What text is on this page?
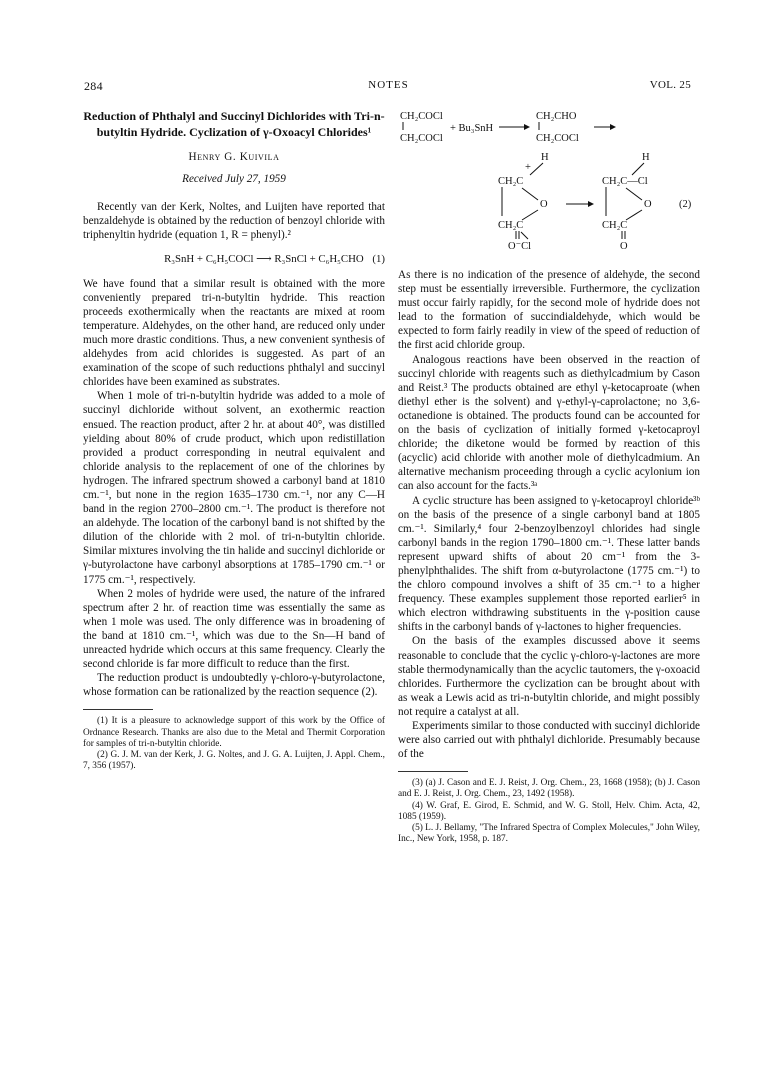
284	NOTES	VOL. 25
Reduction of Phthalyl and Succinyl Dichlorides with Tri-n-butyltin Hydride. Cyclization of γ-Oxoacyl Chlorides¹
Henry G. Kuivila
Received July 27, 1959

Recently van der Kerk, Noltes, and Luijten have reported that benzaldehyde is obtained by the reduction of benzoyl chloride with triphenyltin hydride (equation 1, R = phenyl).²

R₃SnH + C₆H₅COCl ⟶ R₃SnCl + C₆H₅CHO (1)

We have found that a similar result is obtained with the more conveniently prepared tri-n-butyltin hydride. This reaction proceeds exothermically when the reactants are mixed at room temperature. Aldehydes, on the other hand, are reduced only under much more drastic conditions. Thus, a new convenient synthesis of aldehydes from acid chlorides is suggested. As part of an examination of the scope of such reductions phthalyl and succinyl chlorides have been examined as substrates.

When 1 mole of tri-n-butyltin hydride was added to a mole of succinyl dichloride without solvent, an exothermic reaction ensued. The reaction product, after 2 hr. at about 40°, was distilled yielding about 80% of crude product, which upon redistillation provided a product corresponding in neutral equivalent and chloride analysis to the replacement of one of the chlorines by hydrogen. The infrared spectrum showed a carbonyl band at 1810 cm.⁻¹, but none in the region 1635–1730 cm.⁻¹, nor any C—H band in the region 2700–2800 cm.⁻¹. The product is therefore not an aldehyde. The location of the carbonyl band is not shifted by the dilution of the chloride with 2 mol. of tri-n-butyltin chloride. Similar mixtures involving the tin halide and succinyl dichloride or γ-butyrolactone have carbonyl absorptions at 1785–1790 cm.⁻¹ or 1775 cm.⁻¹, respectively.

When 2 moles of hydride were used, the nature of the infrared spectrum after 2 hr. of reaction time was essentially the same as when 1 mole was used. The only difference was in broadening of the band at 1810 cm.⁻¹, which was due to the Sn—H band of unreacted hydride which occurs at this same frequency. Clearly the second chloride is far more difficult to reduce than the first.

The reduction product is undoubtedly γ-chloro-γ-butyrolactone, whose formation can be rationalized by the reaction sequence (2).

(1) It is a pleasure to acknowledge support of this work by the Office of Ordnance Research. Thanks are also due to the Metal and Thermit Corporation for samples of tri-n-butyltin chloride.

(2) G. J. M. van der Kerk, J. G. Noltes, and J. G. A. Luijten, J. Appl. Chem., 7, 356 (1957).

CH₂COCl
CH₂COCl
+ Bu₃SnH
CH₂CHO
CH₂COCl
H
+
CH₂C
O
CH₂C
O⁻Cl
H
CH₂C—Cl
O
CH₂C
O
(2)

As there is no indication of the presence of aldehyde, the second step must be essentially irreversible. Furthermore, the cyclization must occur fairly rapidly, for the second mole of hydride does not lead to the formation of succindialdehyde, which would be expected to form fairly readily in view of the speed of reduction of the first acid chloride group.

Analogous reactions have been observed in the reaction of succinyl chloride with reagents such as diethylcadmium by Cason and Reist.³ The products obtained are ethyl γ-ketocaproate (when diethyl ether is the solvent) and γ-ethyl-γ-caprolactone; no 3,6-octanedione is obtained. The products found can be accounted for on the basis of cyclization of initially formed γ-ketocaproyl chloride; the diketone would be formed by reaction of this (acyclic) acid chloride with another mole of diethylcadmium. An alternative mechanism proceeding through a cyclic acylonium ion can also account for the facts.³ᵃ

A cyclic structure has been assigned to γ-ketocaproyl chloride³ᵇ on the basis of the presence of a single carbonyl band at 1805 cm.⁻¹. Similarly,⁴ four 2-benzoylbenzoyl chlorides had single carbonyl bands in the region 1790–1800 cm.⁻¹. These latter bands represent upward shifts of about 20 cm⁻¹ from the 3-phenylphthalides. The shift from α-butyrolactone (1775 cm.⁻¹) to the chloro compound involves a shift of 35 cm.⁻¹ to a higher frequency. These examples supplement those reported earlier⁵ in which electron withdrawing substituents in the γ-position cause shifts in the carbonyl bands of γ-lactones to higher frequencies.

On the basis of the examples discussed above it seems reasonable to conclude that the cyclic γ-chloro-γ-lactones are more stable thermodynamically than the acyclic tautomers, the γ-oxoacid chlorides. Furthermore the cyclization can be brought about with as weak a Lewis acid as tri-n-butyltin chloride, and might possibly not require a catalyst at all.

Experiments similar to those conducted with succinyl dichloride were also carried out with phthalyl dichloride. Presumably because of the

(3) (a) J. Cason and E. J. Reist, J. Org. Chem., 23, 1668 (1958); (b) J. Cason and E. J. Reist, J. Org. Chem., 23, 1492 (1958).

(4) W. Graf, E. Girod, E. Schmid, and W. G. Stoll, Helv. Chim. Acta, 42, 1085 (1959).

(5) L. J. Bellamy, "The Infrared Spectra of Complex Molecules," John Wiley, Inc., New York, 1958, p. 187.
